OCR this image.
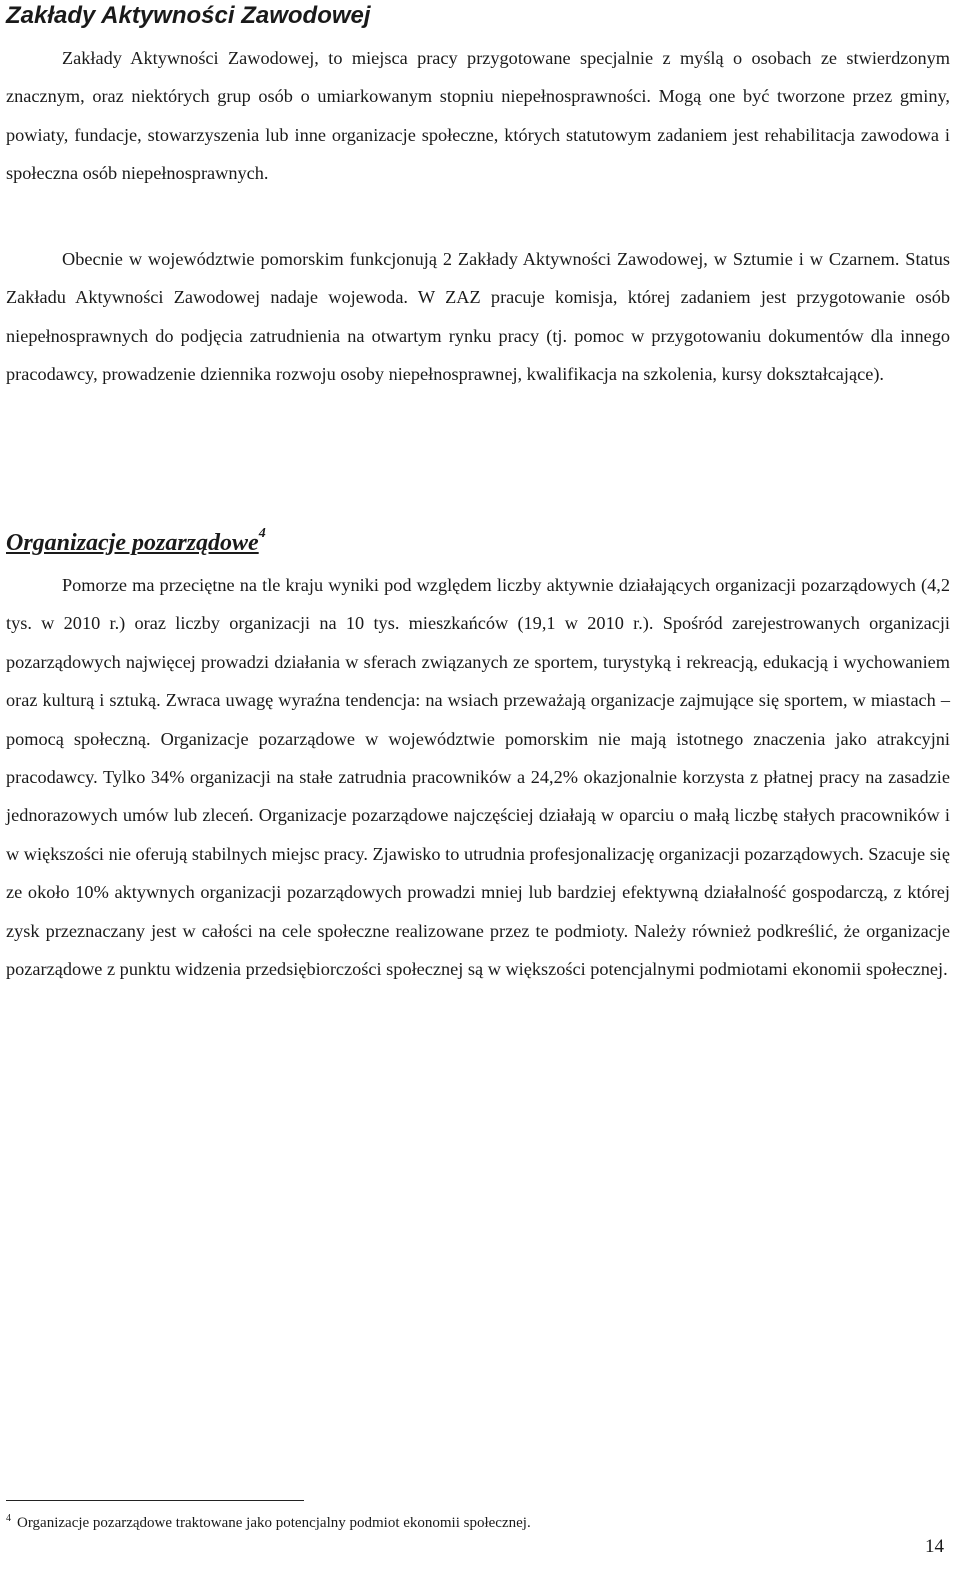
Zakłady Aktywności Zawodowej

Zakłady Aktywności Zawodowej, to miejsca pracy przygotowane specjalnie z myślą o osobach ze stwierdzonym znacznym, oraz niektórych grup osób o umiarkowanym stopniu niepełnosprawności. Mogą one być tworzone przez gminy, powiaty, fundacje, stowarzyszenia lub inne organizacje społeczne, których statutowym zadaniem jest rehabilitacja zawodowa i społeczna osób niepełnosprawnych.

Obecnie w województwie pomorskim funkcjonują 2 Zakłady Aktywności Zawodowej, w Sztumie i w Czarnem. Status Zakładu Aktywności Zawodowej nadaje wojewoda. W ZAZ pracuje komisja, której zadaniem jest przygotowanie osób niepełnosprawnych do podjęcia zatrudnienia na otwartym rynku pracy (tj. pomoc w przygotowaniu dokumentów dla innego pracodawcy, prowadzenie dziennika rozwoju osoby niepełnosprawnej, kwalifikacja na szkolenia, kursy dokształcające).

Organizacje pozarządowe$^4$

Pomorze ma przeciętne na tle kraju wyniki pod względem liczby aktywnie działających organizacji pozarządowych (4,2 tys. w 2010 r.) oraz liczby organizacji na 10 tys. mieszkańców (19,1 w 2010 r.). Spośród zarejestrowanych organizacji pozarządowych najwięcej prowadzi działania w sferach związanych ze sportem, turystyką i rekreacją, edukacją i wychowaniem oraz kulturą i sztuką. Zwraca uwagę wyraźna tendencja: na wsiach przeważają organizacje zajmujące się sportem, w miastach – pomocą społeczną. Organizacje pozarządowe w województwie pomorskim nie mają istotnego znaczenia jako atrakcyjni pracodawcy. Tylko 34% organizacji na stałe zatrudnia pracowników a 24,2% okazjonalnie korzysta z płatnej pracy na zasadzie jednorazowych umów lub zleceń. Organizacje pozarządowe najczęściej działają w oparciu o małą liczbę stałych pracowników i w większości nie oferują stabilnych miejsc pracy. Zjawisko to utrudnia profesjonalizację organizacji pozarządowych. Szacuje się ze około 10% aktywnych organizacji pozarządowych prowadzi mniej lub bardziej efektywną działalność gospodarczą, z której zysk przeznaczany jest w całości na cele społeczne realizowane przez te podmioty. Należy również podkreślić, że organizacje pozarządowe z punktu widzenia przedsiębiorczości społecznej są w większości potencjalnymi podmiotami ekonomii społecznej.

$^4$ Organizacje pozarządowe traktowane jako potencjalny podmiot ekonomii społecznej.
14
